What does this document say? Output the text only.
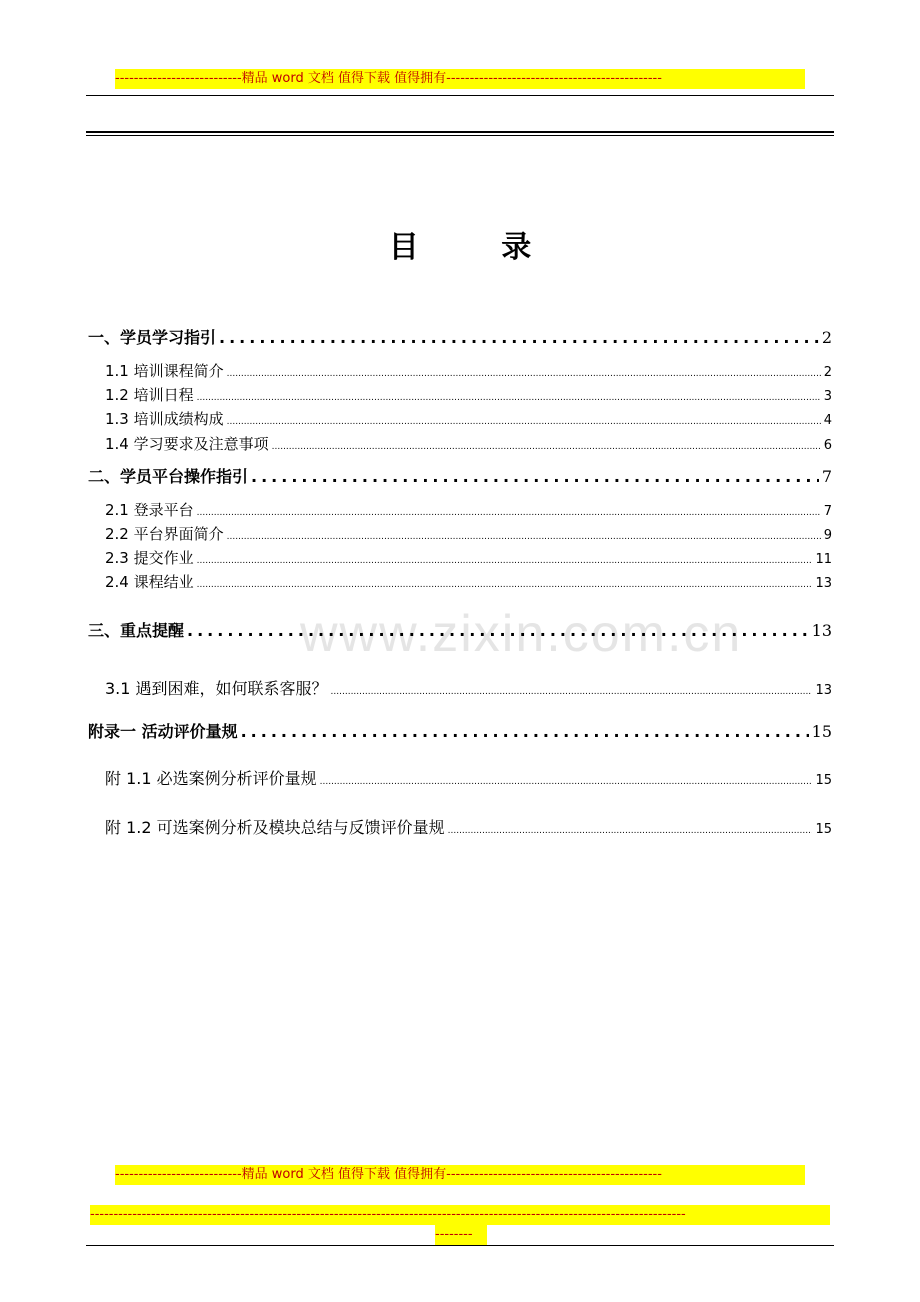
---------------------------精品 word 文档 值得下载 值得拥有----------------------------------------------
目 录
www.zixin.com.cn
一、学员学习指引 .....	2
1.1 培训课程简介 .....	2
1.2 培训日程 .....	3
1.3 培训成绩构成 .....	4
1.4 学习要求及注意事项 .....	6
二、学员平台操作指引 .....	7
2.1 登录平台 .....	7
2.2 平台界面简介 .....	9
2.3 提交作业 .....	11
2.4 课程结业 .....	13
三、重点提醒 .....	13
3.1 遇到困难，如何联系客服？ .....	13
附录一 活动评价量规 .....	15
附 1.1 必选案例分析评价量规 .....	15
附 1.2 可选案例分析及模块总结与反馈评价量规 .....	15
---------------------------精品 word 文档 值得下载 值得拥有----------------------------------------------
-------------------------------------------------------------------------------------------------------------------------------
--------
